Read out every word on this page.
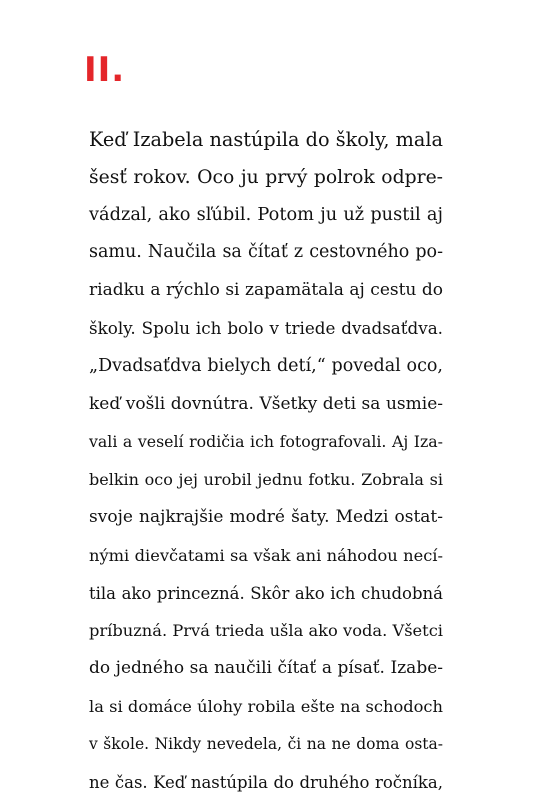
II.
Keď Izabela nastúpila do školy, mala
šesť rokov. Oco ju prvý polrok odpre-
vádzal, ako sľúbil. Potom ju už pustil aj
samu. Naučila sa čítať z cestovného po-
riadku a rýchlo si zapamätala aj cestu do
školy. Spolu ich bolo v triede dvadsaťdva.
„Dvadsaťdva bielych detí,“ povedal oco,
keď vošli dovnútra. Všetky deti sa usmie-
vali a veselí rodičia ich fotografovali. Aj Iza-
belkin oco jej urobil jednu fotku. Zobrala si
svoje najkrajšie modré šaty. Medzi ostat-
nými dievčatami sa však ani náhodou necí-
tila ako princezná. Skôr ako ich chudobná
príbuzná. Prvá trieda ušla ako voda. Všetci
do jedného sa naučili čítať a písať. Izabe-
la si domáce úlohy robila ešte na schodoch
v škole. Nikdy nevedela, či na ne doma osta-
ne čas. Keď nastúpila do druhého ročníka,
